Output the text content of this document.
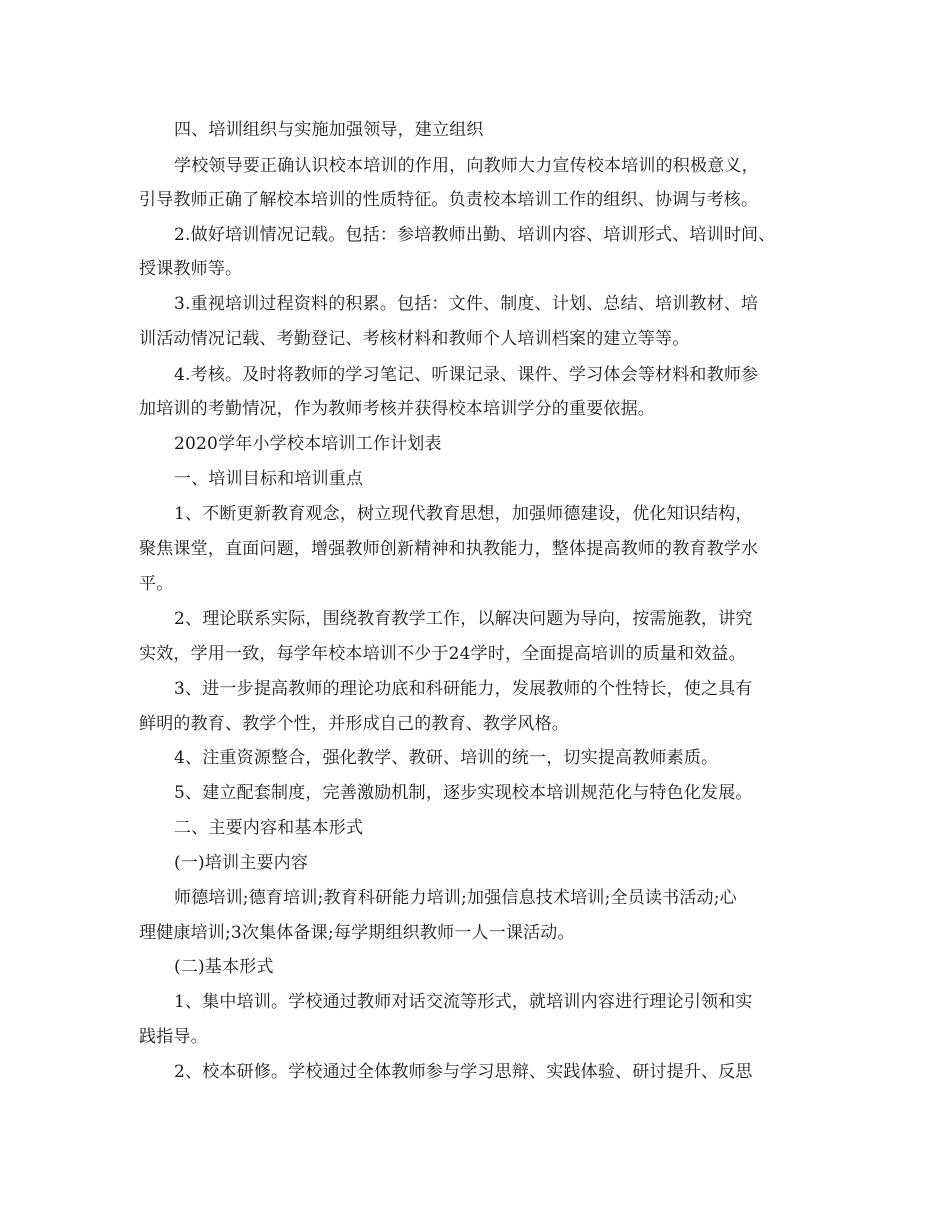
四、培训组织与实施加强领导，建立组织
学校领导要正确认识校本培训的作用，向教师大力宣传校本培训的积极意义，
引导教师正确了解校本培训的性质特征。负责校本培训工作的组织、协调与考核。
2.做好培训情况记载。包括：参培教师出勤、培训内容、培训形式、培训时间、
授课教师等。
3.重视培训过程资料的积累。包括：文件、制度、计划、总结、培训教材、培
训活动情况记载、考勤登记、考核材料和教师个人培训档案的建立等等。
4.考核。及时将教师的学习笔记、听课记录、课件、学习体会等材料和教师参
加培训的考勤情况，作为教师考核并获得校本培训学分的重要依据。
2020学年小学校本培训工作计划表
一、培训目标和培训重点
1、不断更新教育观念，树立现代教育思想，加强师德建设，优化知识结构，
聚焦课堂，直面问题，增强教师创新精神和执教能力，整体提高教师的教育教学水
平。
2、理论联系实际，围绕教育教学工作，以解决问题为导向，按需施教，讲究
实效，学用一致，每学年校本培训不少于24学时，全面提高培训的质量和效益。
3、进一步提高教师的理论功底和科研能力，发展教师的个性特长，使之具有
鲜明的教育、教学个性，并形成自己的教育、教学风格。
4、注重资源整合，强化教学、教研、培训的统一，切实提高教师素质。
5、建立配套制度，完善激励机制，逐步实现校本培训规范化与特色化发展。
二、主要内容和基本形式
(一)培训主要内容
师德培训;德育培训;教育科研能力培训;加强信息技术培训;全员读书活动;心
理健康培训;3次集体备课;每学期组织教师一人一课活动。
(二)基本形式
1、集中培训。学校通过教师对话交流等形式，就培训内容进行理论引领和实
践指导。
2、校本研修。学校通过全体教师参与学习思辩、实践体验、研讨提升、反思
